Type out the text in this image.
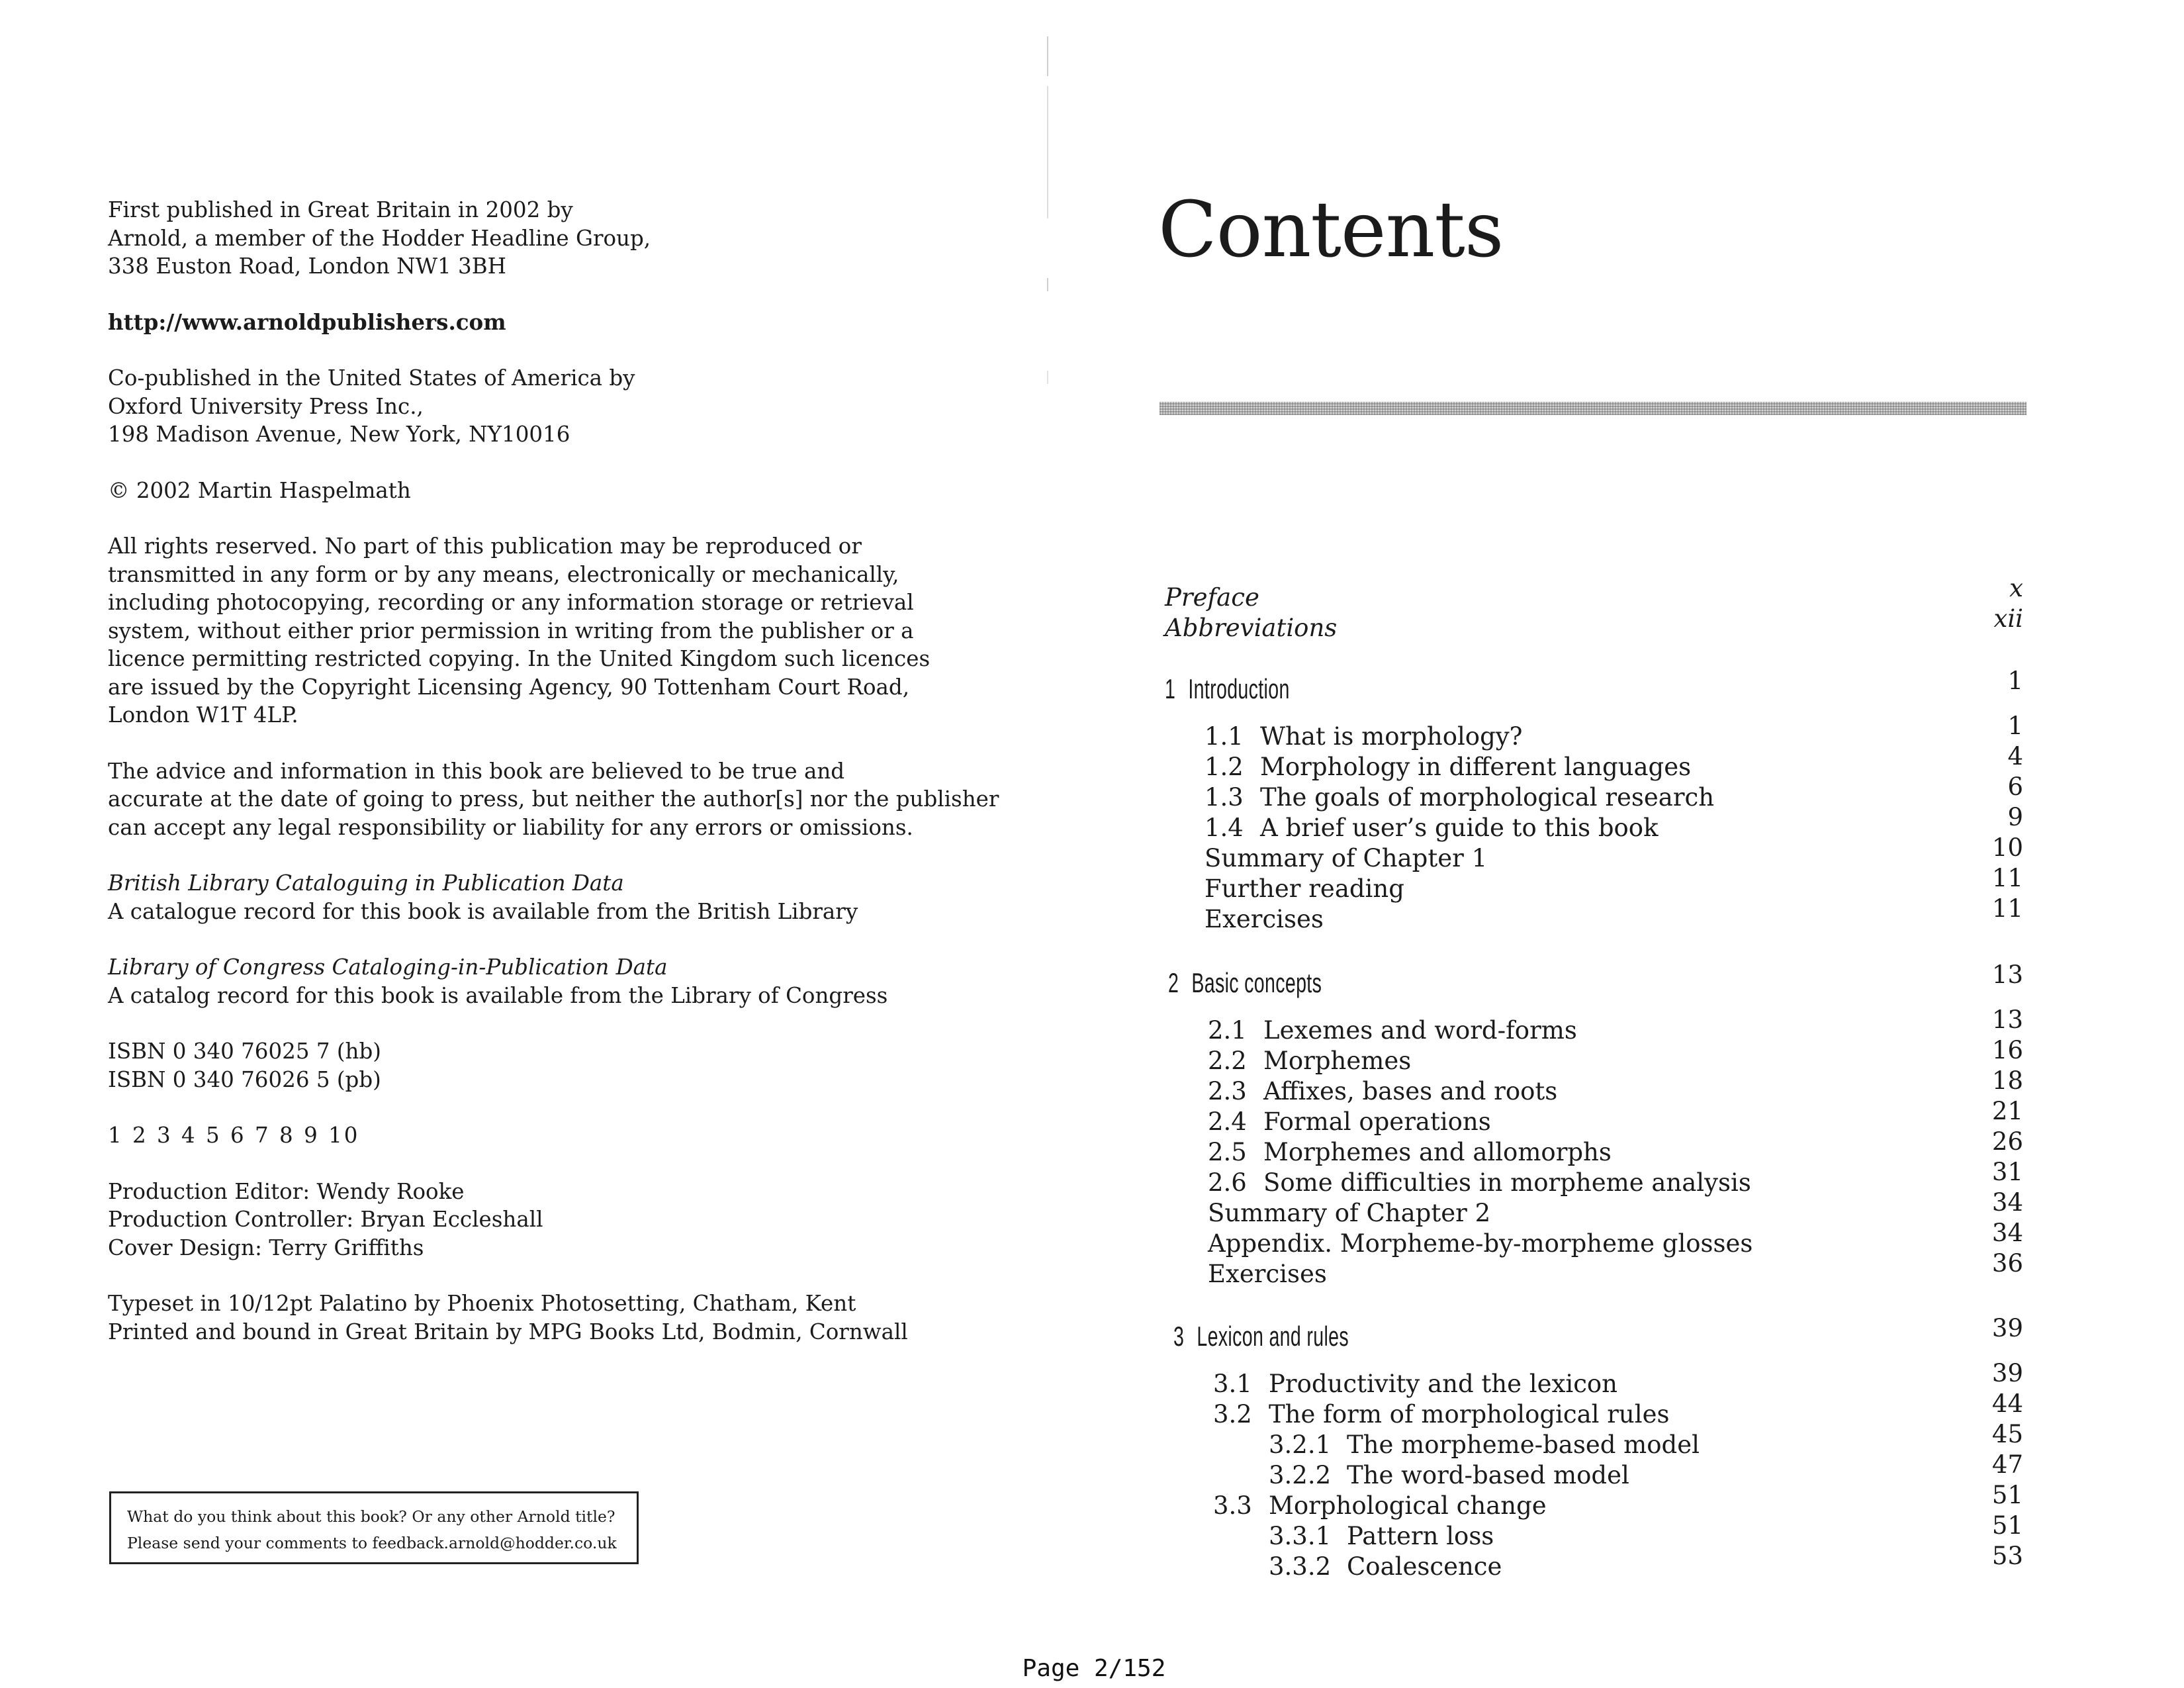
First published in Great Britain in 2002 by
Arnold, a member of the Hodder Headline Group,
338 Euston Road, London NW1 3BH

http://www.arnoldpublishers.com

Co-published in the United States of America by
Oxford University Press Inc.,
198 Madison Avenue, New York, NY10016

© 2002 Martin Haspelmath

All rights reserved. No part of this publication may be reproduced or
transmitted in any form or by any means, electronically or mechanically,
including photocopying, recording or any information storage or retrieval
system, without either prior permission in writing from the publisher or a
licence permitting restricted copying. In the United Kingdom such licences
are issued by the Copyright Licensing Agency, 90 Tottenham Court Road,
London W1T 4LP.

The advice and information in this book are believed to be true and
accurate at the date of going to press, but neither the author[s] nor the publisher
can accept any legal responsibility or liability for any errors or omissions.

British Library Cataloguing in Publication Data
A catalogue record for this book is available from the British Library

Library of Congress Cataloging-in-Publication Data
A catalog record for this book is available from the Library of Congress

ISBN 0 340 76025 7 (hb)
ISBN 0 340 76026 5 (pb)

1 2 3 4 5 6 7 8 9 10

Production Editor: Wendy Rooke
Production Controller: Bryan Eccleshall
Cover Design: Terry Griffiths

Typeset in 10/12pt Palatino by Phoenix Photosetting, Chatham, Kent
Printed and bound in Great Britain by MPG Books Ltd, Bodmin, Cornwall

What do you think about this book? Or any other Arnold title?
Please send your comments to feedback.arnold@hodder.co.uk
Contents
Preface	x
Abbreviations	xii
1 Introduction	1
1.1 What is morphology?	1
1.2 Morphology in different languages	4
1.3 The goals of morphological research	6
1.4 A brief user’s guide to this book	9
Summary of Chapter 1	10
Further reading	11
Exercises	11
2 Basic concepts	13
2.1 Lexemes and word-forms	13
2.2 Morphemes	16
2.3 Affixes, bases and roots	18
2.4 Formal operations	21
2.5 Morphemes and allomorphs	26
2.6 Some difficulties in morpheme analysis	31
Summary of Chapter 2	34
Appendix. Morpheme-by-morpheme glosses	34
Exercises	36
3 Lexicon and rules	39
3.1 Productivity and the lexicon	39
3.2 The form of morphological rules	44
3.2.1 The morpheme-based model	45
3.2.2 The word-based model	47
3.3 Morphological change	51
3.3.1 Pattern loss	51
3.3.2 Coalescence	53
Page 2/152
